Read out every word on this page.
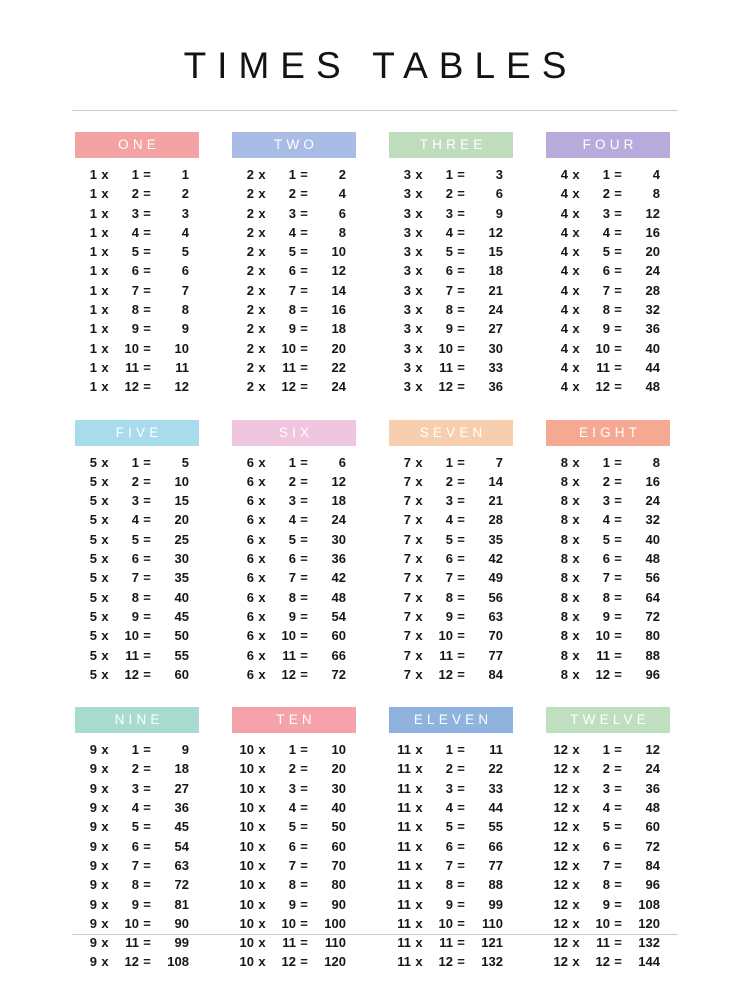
TIMES TABLES
ONE
1 x	1 =	1
1 x	2 =	2
1 x	3 =	3
1 x	4 =	4
1 x	5 =	5
1 x	6 =	6
1 x	7 =	7
1 x	8 =	8
1 x	9 =	9
1 x	10 =	10
1 x	11 =	11
1 x	12 =	12
TWO
2 x	1 =	2
2 x	2 =	4
2 x	3 =	6
2 x	4 =	8
2 x	5 =	10
2 x	6 =	12
2 x	7 =	14
2 x	8 =	16
2 x	9 =	18
2 x	10 =	20
2 x	11 =	22
2 x	12 =	24
THREE
3 x	1 =	3
3 x	2 =	6
3 x	3 =	9
3 x	4 =	12
3 x	5 =	15
3 x	6 =	18
3 x	7 =	21
3 x	8 =	24
3 x	9 =	27
3 x	10 =	30
3 x	11 =	33
3 x	12 =	36
FOUR
4 x	1 =	4
4 x	2 =	8
4 x	3 =	12
4 x	4 =	16
4 x	5 =	20
4 x	6 =	24
4 x	7 =	28
4 x	8 =	32
4 x	9 =	36
4 x	10 =	40
4 x	11 =	44
4 x	12 =	48
FIVE
5 x	1 =	5
5 x	2 =	10
5 x	3 =	15
5 x	4 =	20
5 x	5 =	25
5 x	6 =	30
5 x	7 =	35
5 x	8 =	40
5 x	9 =	45
5 x	10 =	50
5 x	11 =	55
5 x	12 =	60
SIX
6 x	1 =	6
6 x	2 =	12
6 x	3 =	18
6 x	4 =	24
6 x	5 =	30
6 x	6 =	36
6 x	7 =	42
6 x	8 =	48
6 x	9 =	54
6 x	10 =	60
6 x	11 =	66
6 x	12 =	72
SEVEN
7 x	1 =	7
7 x	2 =	14
7 x	3 =	21
7 x	4 =	28
7 x	5 =	35
7 x	6 =	42
7 x	7 =	49
7 x	8 =	56
7 x	9 =	63
7 x	10 =	70
7 x	11 =	77
7 x	12 =	84
EIGHT
8 x	1 =	8
8 x	2 =	16
8 x	3 =	24
8 x	4 =	32
8 x	5 =	40
8 x	6 =	48
8 x	7 =	56
8 x	8 =	64
8 x	9 =	72
8 x	10 =	80
8 x	11 =	88
8 x	12 =	96
NINE
9 x	1 =	9
9 x	2 =	18
9 x	3 =	27
9 x	4 =	36
9 x	5 =	45
9 x	6 =	54
9 x	7 =	63
9 x	8 =	72
9 x	9 =	81
9 x	10 =	90
9 x	11 =	99
9 x	12 =	108
TEN
10 x	1 =	10
10 x	2 =	20
10 x	3 =	30
10 x	4 =	40
10 x	5 =	50
10 x	6 =	60
10 x	7 =	70
10 x	8 =	80
10 x	9 =	90
10 x	10 =	100
10 x	11 =	110
10 x	12 =	120
ELEVEN
11 x	1 =	11
11 x	2 =	22
11 x	3 =	33
11 x	4 =	44
11 x	5 =	55
11 x	6 =	66
11 x	7 =	77
11 x	8 =	88
11 x	9 =	99
11 x	10 =	110
11 x	11 =	121
11 x	12 =	132
TWELVE
12 x	1 =	12
12 x	2 =	24
12 x	3 =	36
12 x	4 =	48
12 x	5 =	60
12 x	6 =	72
12 x	7 =	84
12 x	8 =	96
12 x	9 =	108
12 x	10 =	120
12 x	11 =	132
12 x	12 =	144
